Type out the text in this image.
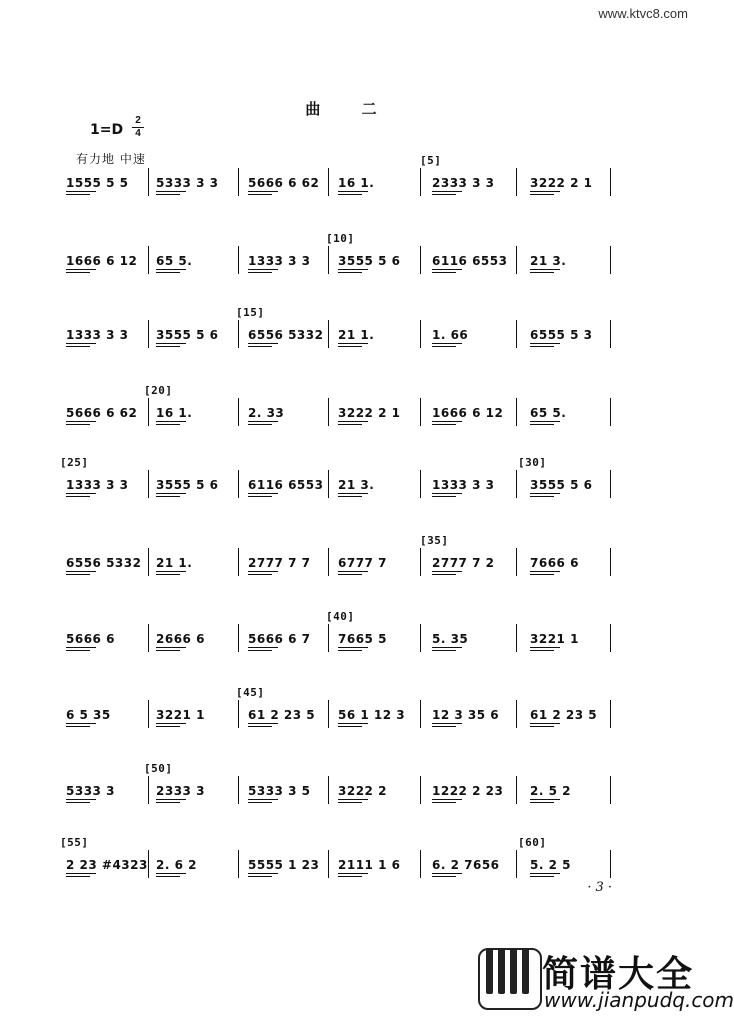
www.ktvc8.com
曲 二
1=D
2
4
有力地 中速
1555 5 5 5333 3 3 5666 6 62 16 1.	2333 3 3
[5]
3222 2 1
1666 6 12 65 5.	1333 3 3 3555 5 6
[10]
6116 6553 21 3.
1333 3 3 3555 5 6 6556 5332
[15]
21 1.	1. 66	6555 5 3
5666 6 62 16 1.
[20]
2. 33	3222 2 1	1666 6 12 65 5.
1333 3 3
[25]
3555 5 6 6116 6553 21 3.	1333 3 3	3555 5 6
[30]
6556 5332 21 1.	2777 7 7 6777 7	2777 7 2
[35]
7666 6
5666 6	2666 6	5666 6 7 7665 5
[40]
5. 35	3221 1
6 5 35	3221 1	61 2 23 5
[45]
56 1 12 3 12 3 35 6	61 2 23 5
5333 3	2333 3
[50]
5333 3 5 3222 2	1222 2 23 2. 5 2
2 23 #4323
[55]
2. 6 2	5555 1 23 2111 1 6	6. 2 7656	5. 2 5
[60]
· 3 ·
简谱大全
www.jianpudq.com
